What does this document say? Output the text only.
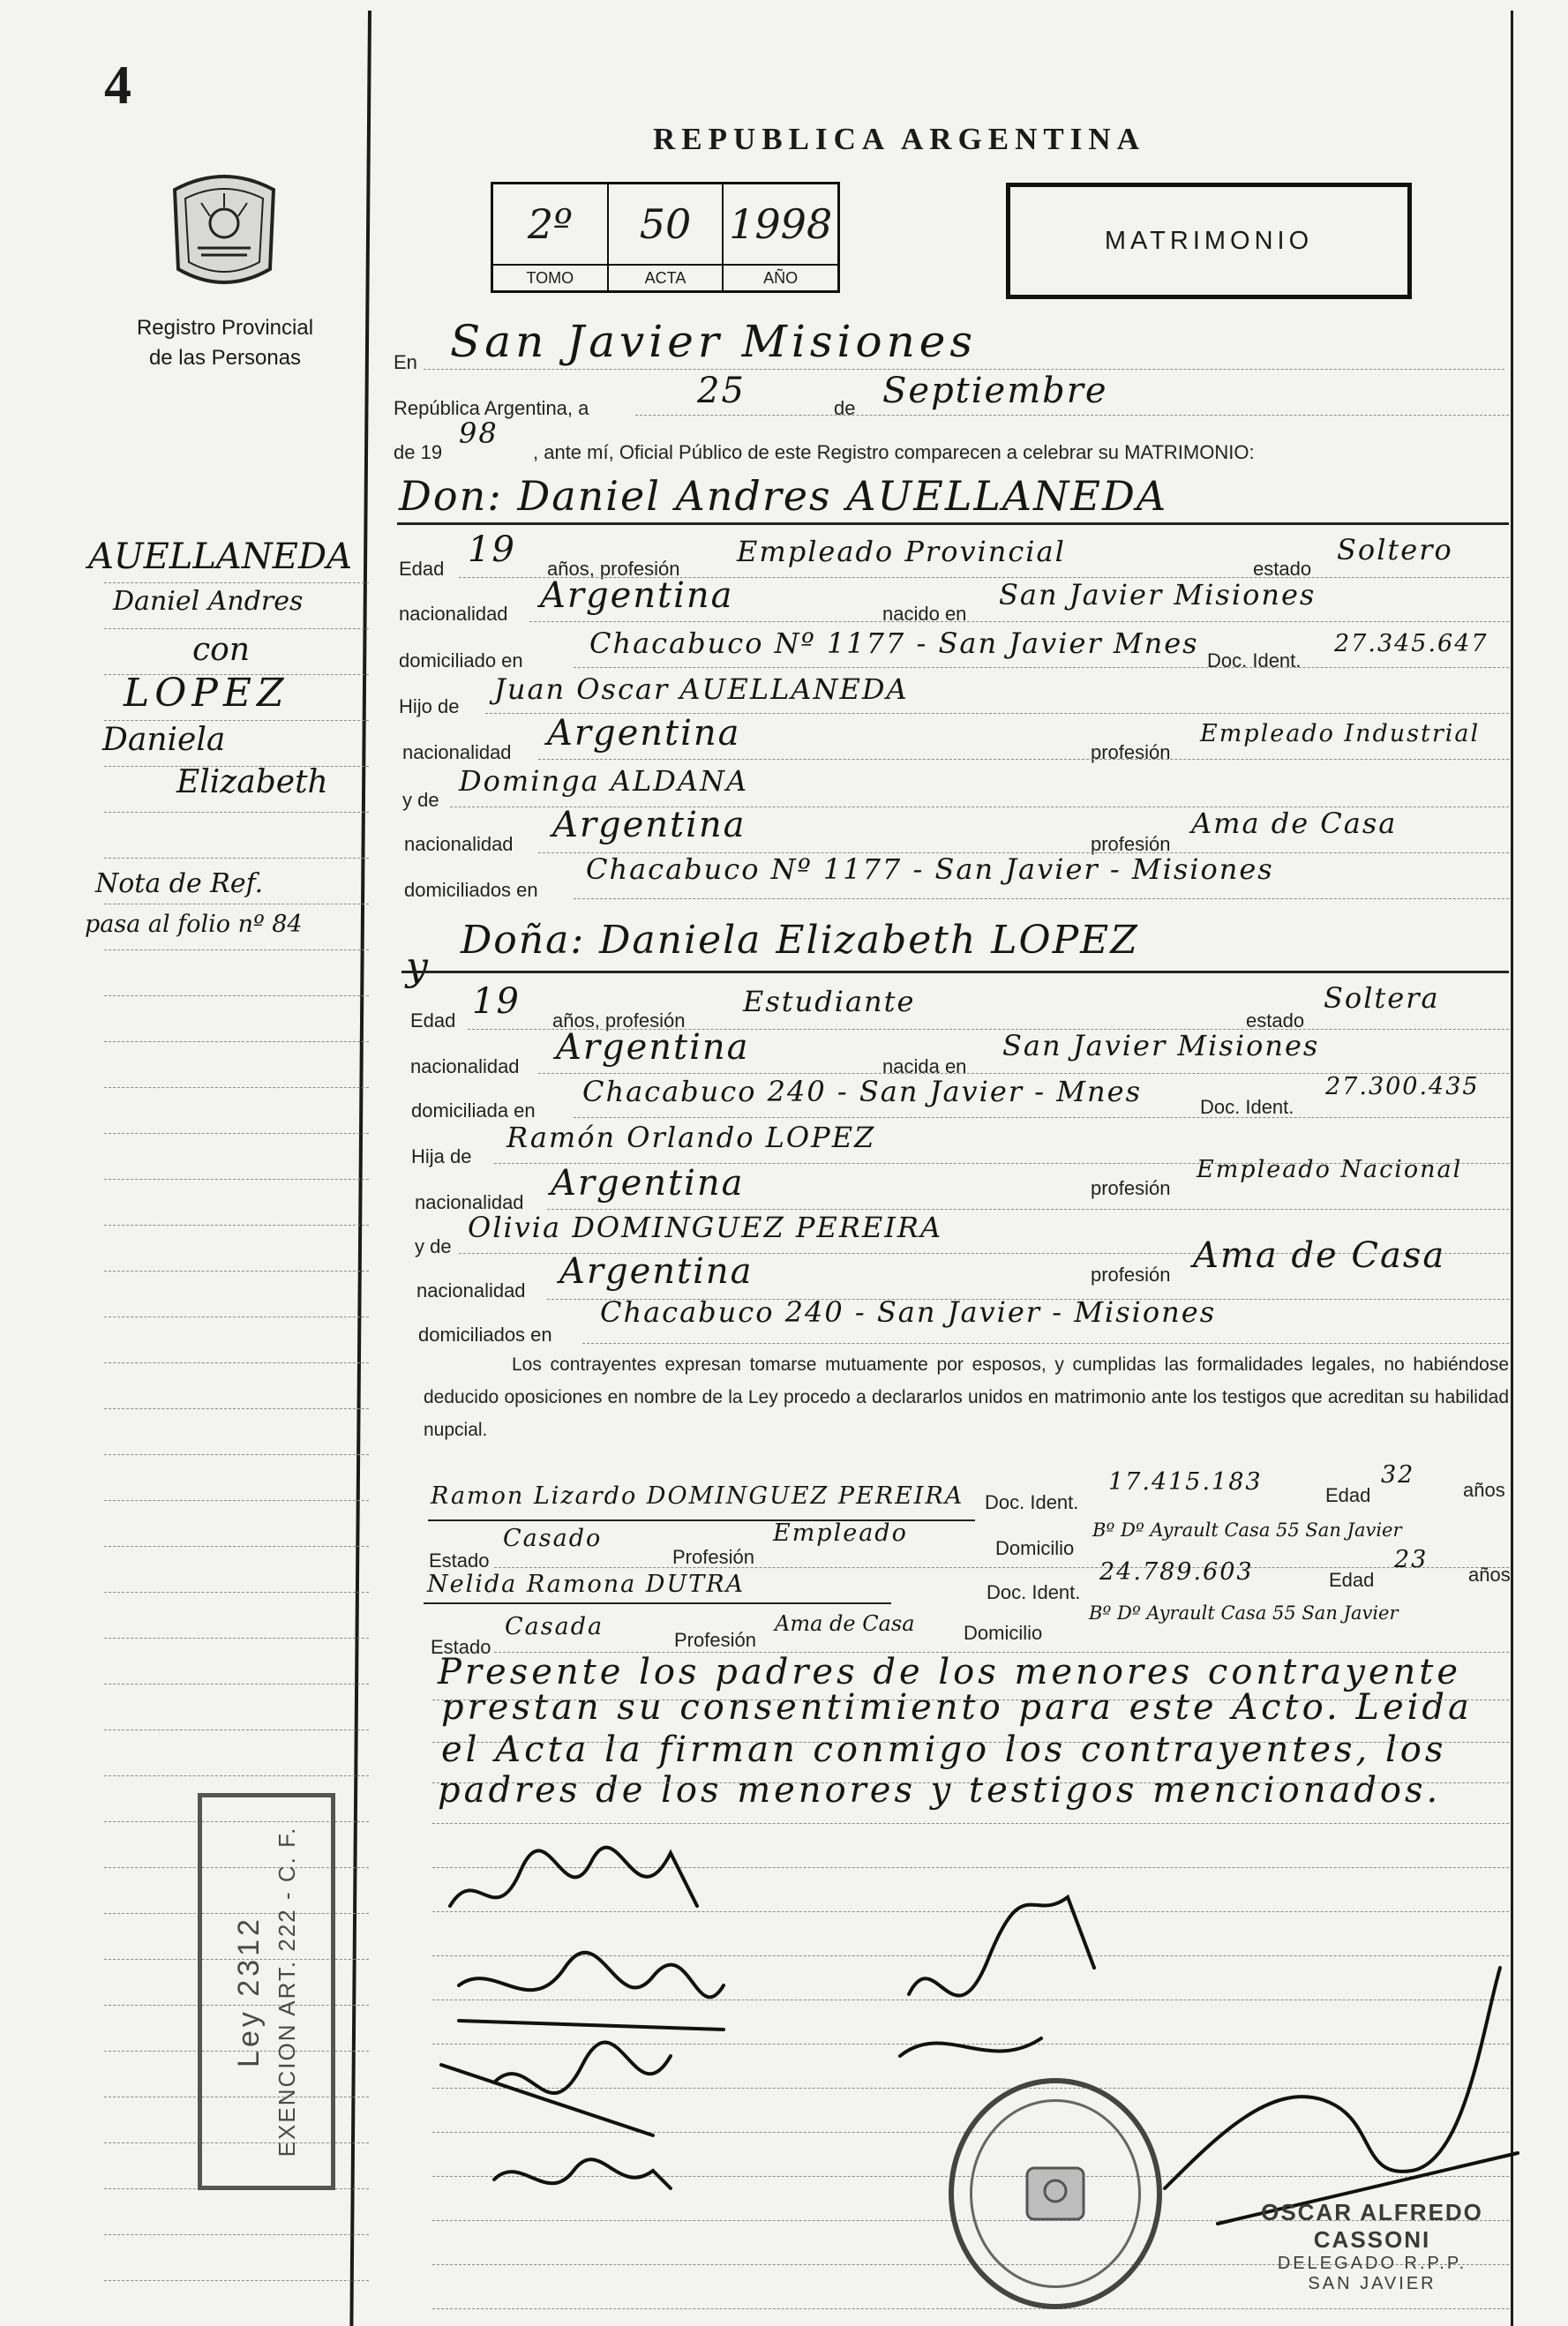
4
Registro Provincial
de las Personas
REPUBLICA ARGENTINA
2º
TOMO
50
ACTA
1998
AÑO
MATRIMONIO
En San Javier Misiones
República Argentina, a	25	de Septiembre
de 19
98
, ante mí, Oficial Público de este Registro comparecen a celebrar su MATRIMONIO:
Don: Daniel Andres AUELLANEDA
Edad 19 años, profesión
Empleado Provincial
estado
Soltero
nacionalidad Argentina	nacido en
San Javier Misiones
domiciliado en
Chacabuco Nº 1177 - San Javier Mnes
Doc. Ident.
27.345.647
Hijo de
Juan Oscar AUELLANEDA
nacionalidad Argentina	profesión
Empleado Industrial
y de
Dominga ALDANA
nacionalidad Argentina	profesión
Ama de Casa
domiciliados en
Chacabuco Nº 1177 - San Javier - Misiones
y
Doña: Daniela Elizabeth LOPEZ
Edad 19 años, profesión
Estudiante
estado
Soltera
nacionalidad Argentina	nacida en
San Javier Misiones
domiciliada en
Chacabuco 240 - San Javier - Mnes	Doc. Ident.
27.300.435
Hija de
Ramón Orlando LOPEZ
nacionalidad Argentina	profesión
Empleado Nacional
y de
Olivia DOMINGUEZ PEREIRA
nacionalidad Argentina	profesión Ama de Casa
domiciliados en
Chacabuco 240 - San Javier - Misiones
Los contrayentes expresan tomarse mutuamente por esposos, y cumplidas las formalidades legales, no habiéndose deducido oposiciones en nombre de la Ley procedo a declararlos unidos en matrimonio ante los testigos que acreditan su habilidad nupcial.
Ramon Lizardo DOMINGUEZ PEREIRA Doc. Ident.
17.415.183	Edad
32
años
Estado
Casado
Profesión
Empleado
Domicilio
Bº Dº Ayrault Casa 55 San Javier
Nelida Ramona DUTRA	Doc. Ident.
24.789.603	Edad
23
años
Estado
Casada	Profesión
Ama de Casa	Domicilio
Bº Dº Ayrault Casa 55 San Javier
Presente los padres de los menores contrayente
prestan su consentimiento para este Acto. Leida
el Acta la firman conmigo los contrayentes, los
padres de los menores y testigos mencionados.
AUELLANEDA
Daniel Andres
con
LOPEZ
Daniela
Elizabeth
Nota de Ref.
pasa al folio nº 84
Ley 2312 EXENCION ART. 222 - C. F.
OSCAR ALFREDO CASSONI
DELEGADO R.P.P.
SAN JAVIER
